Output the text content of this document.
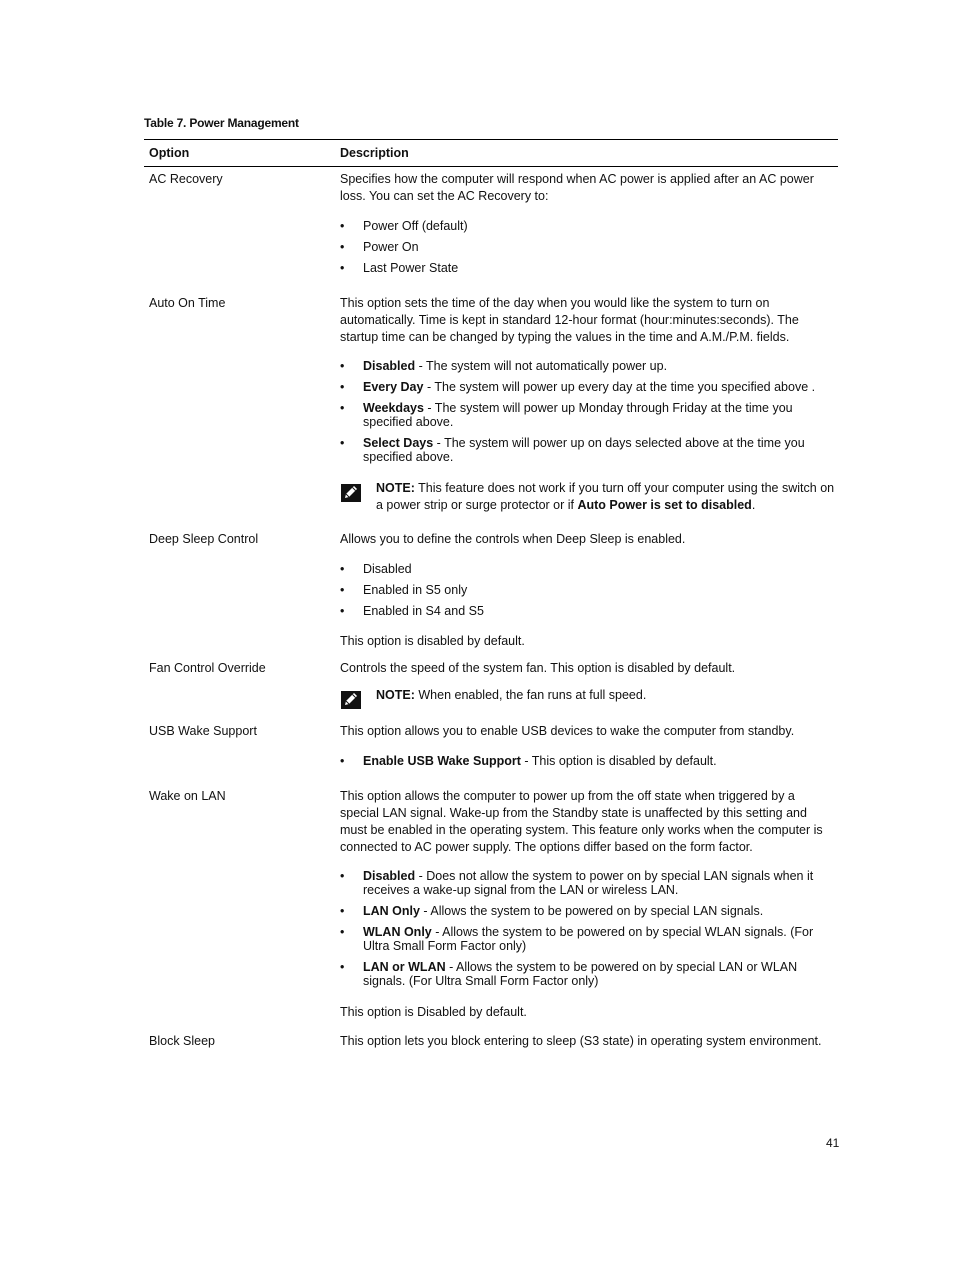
Table 7. Power Management
Option	Description
AC Recovery	Specifies how the computer will respond when AC power is applied after an AC power loss. You can set the AC Recovery to:

• Power Off (default)
• Power On
• Last Power State
Auto On Time	This option sets the time of the day when you would like the system to turn on automatically. Time is kept in standard 12-hour format (hour:minutes:seconds). The startup time can be changed by typing the values in the time and A.M./P.M. fields.

• Disabled - The system will not automatically power up.
• Every Day - The system will power up every day at the time you specified above .
• Weekdays - The system will power up Monday through Friday at the time you specified above.
• Select Days - The system will power up on days selected above at the time you specified above.
NOTE: This feature does not work if you turn off your computer using the switch on a power strip or surge protector or if Auto Power is set to disabled.
Deep Sleep Control	Allows you to define the controls when Deep Sleep is enabled.

• Disabled
• Enabled in S5 only
• Enabled in S4 and S5

This option is disabled by default.

Fan Control Override	Controls the speed of the system fan. This option is disabled by default.

NOTE: When enabled, the fan runs at full speed.
USB Wake Support	This option allows you to enable USB devices to wake the computer from standby.

• Enable USB Wake Support - This option is disabled by default.
Wake on LAN	This option allows the computer to power up from the off state when triggered by a special LAN signal. Wake-up from the Standby state is unaffected by this setting and must be enabled in the operating system. This feature only works when the computer is connected to AC power supply. The options differ based on the form factor.

• Disabled - Does not allow the system to power on by special LAN signals when it receives a wake-up signal from the LAN or wireless LAN.
• LAN Only - Allows the system to be powered on by special LAN signals.
• WLAN Only - Allows the system to be powered on by special WLAN signals. (For Ultra Small Form Factor only)
• LAN or WLAN - Allows the system to be powered on by special LAN or WLAN signals. (For Ultra Small Form Factor only)

This option is Disabled by default.

Block Sleep	This option lets you block entering to sleep (S3 state) in operating system environment.

41
